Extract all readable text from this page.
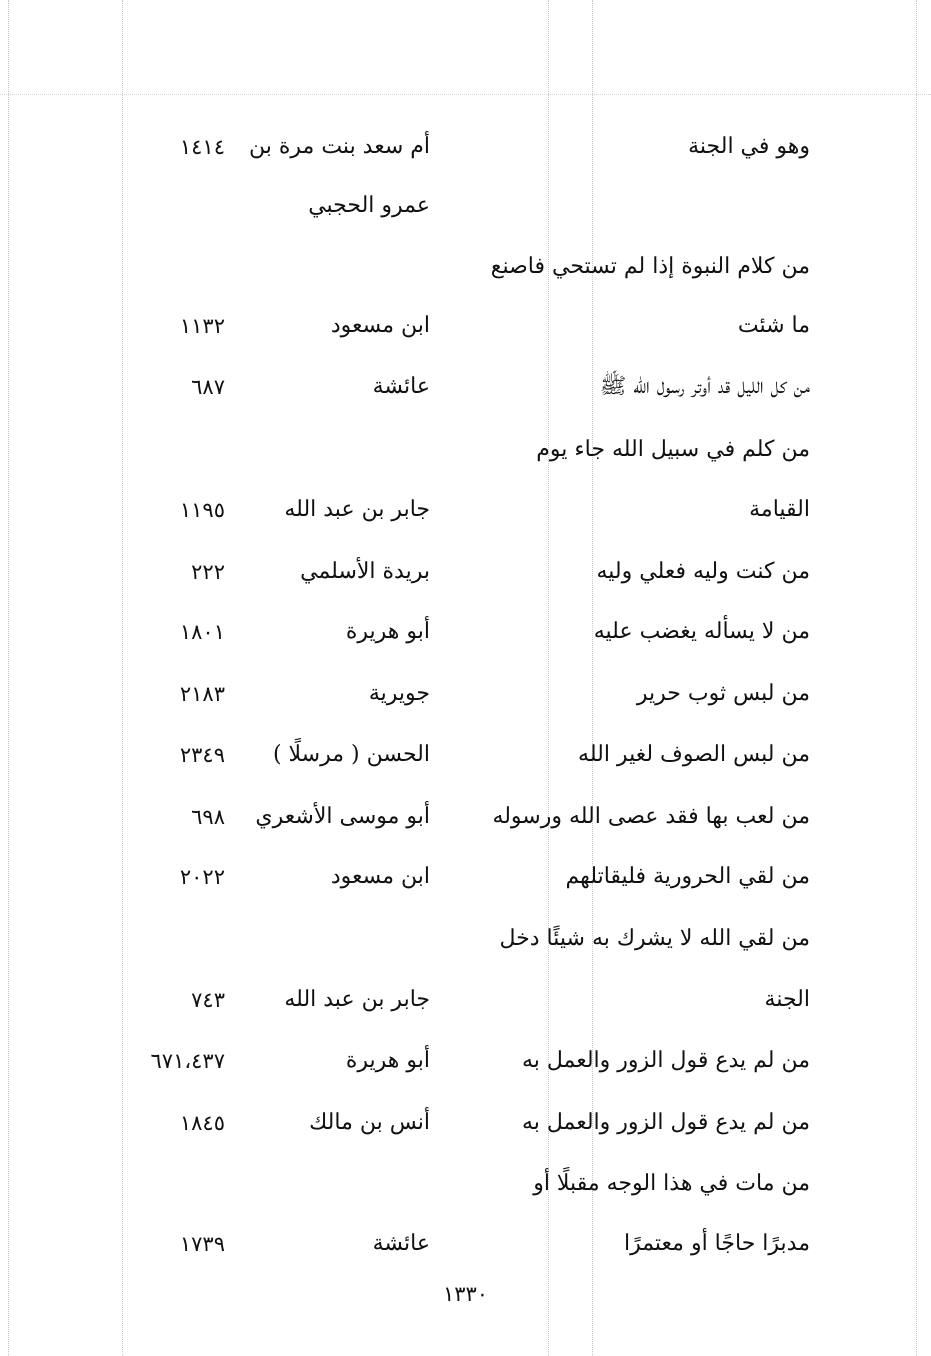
وهو في الجنة
أم سعد بنت مرة بن
١٤١٤
عمرو الحجبي
من كلام النبوة إذا لم تستحي فاصنع
ما شئت
ابن مسعود
١١٣٢
من كل الليل قد أوتر رسول الله ﷺ
عائشة
٦٨٧
من كلم في سبيل الله جاء يوم
القيامة
جابر بن عبد الله
١١٩٥
من كنت وليه فعلي وليه
بريدة الأسلمي
٢٢٢
من لا يسأله يغضب عليه
أبو هريرة
١٨٠١
من لبس ثوب حرير
جويرية
٢١٨٣
من لبس الصوف لغير الله
الحسن ( مرسلًا )
٢٣٤٩
من لعب بها فقد عصى الله ورسوله
أبو موسى الأشعري
٦٩٨
من لقي الحرورية فليقاتلهم
ابن مسعود
٢٠٢٢
من لقي الله لا يشرك به شيئًا دخل
الجنة
جابر بن عبد الله
٧٤٣
من لم يدع قول الزور والعمل به
أبو هريرة
٦٧١،٤٣٧
من لم يدع قول الزور والعمل به
أنس بن مالك
١٨٤٥
من مات في هذا الوجه مقبلًا أو
مدبرًا حاجًا أو معتمرًا
عائشة
١٧٣٩
١٣٣٠
